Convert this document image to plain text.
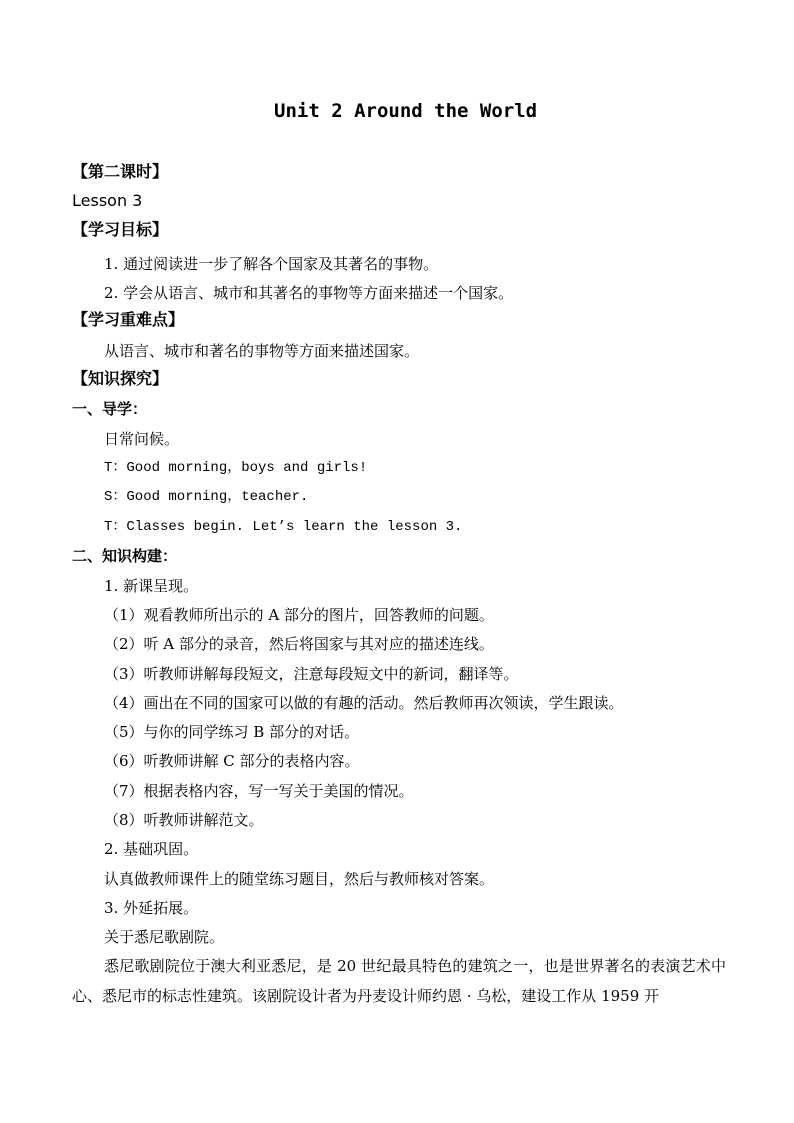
Unit 2 Around the World
【第二课时】
Lesson 3
【学习目标】
1. 通过阅读进一步了解各个国家及其著名的事物。
2. 学会从语言、城市和其著名的事物等方面来描述一个国家。
【学习重难点】
从语言、城市和著名的事物等方面来描述国家。
【知识探究】
一、导学：
日常问候。
T：Good morning，boys and girls!
S：Good morning，teacher.
T：Classes begin. Let’s learn the lesson 3.
二、知识构建：
1. 新课呈现。
（1）观看教师所出示的 A 部分的图片，回答教师的问题。
（2）听 A 部分的录音，然后将国家与其对应的描述连线。
（3）听教师讲解每段短文，注意每段短文中的新词，翻译等。
（4）画出在不同的国家可以做的有趣的活动。然后教师再次领读，学生跟读。
（5）与你的同学练习 B 部分的对话。
（6）听教师讲解 C 部分的表格内容。
（7）根据表格内容，写一写关于美国的情况。
（8）听教师讲解范文。
2. 基础巩固。
认真做教师课件上的随堂练习题目，然后与教师核对答案。
3. 外延拓展。
关于悉尼歌剧院。
悉尼歌剧院位于澳大利亚悉尼，是 20 世纪最具特色的建筑之一，也是世界著名的表演艺术中心、悉尼市的标志性建筑。该剧院设计者为丹麦设计师约恩 · 乌松，建设工作从 1959 开
